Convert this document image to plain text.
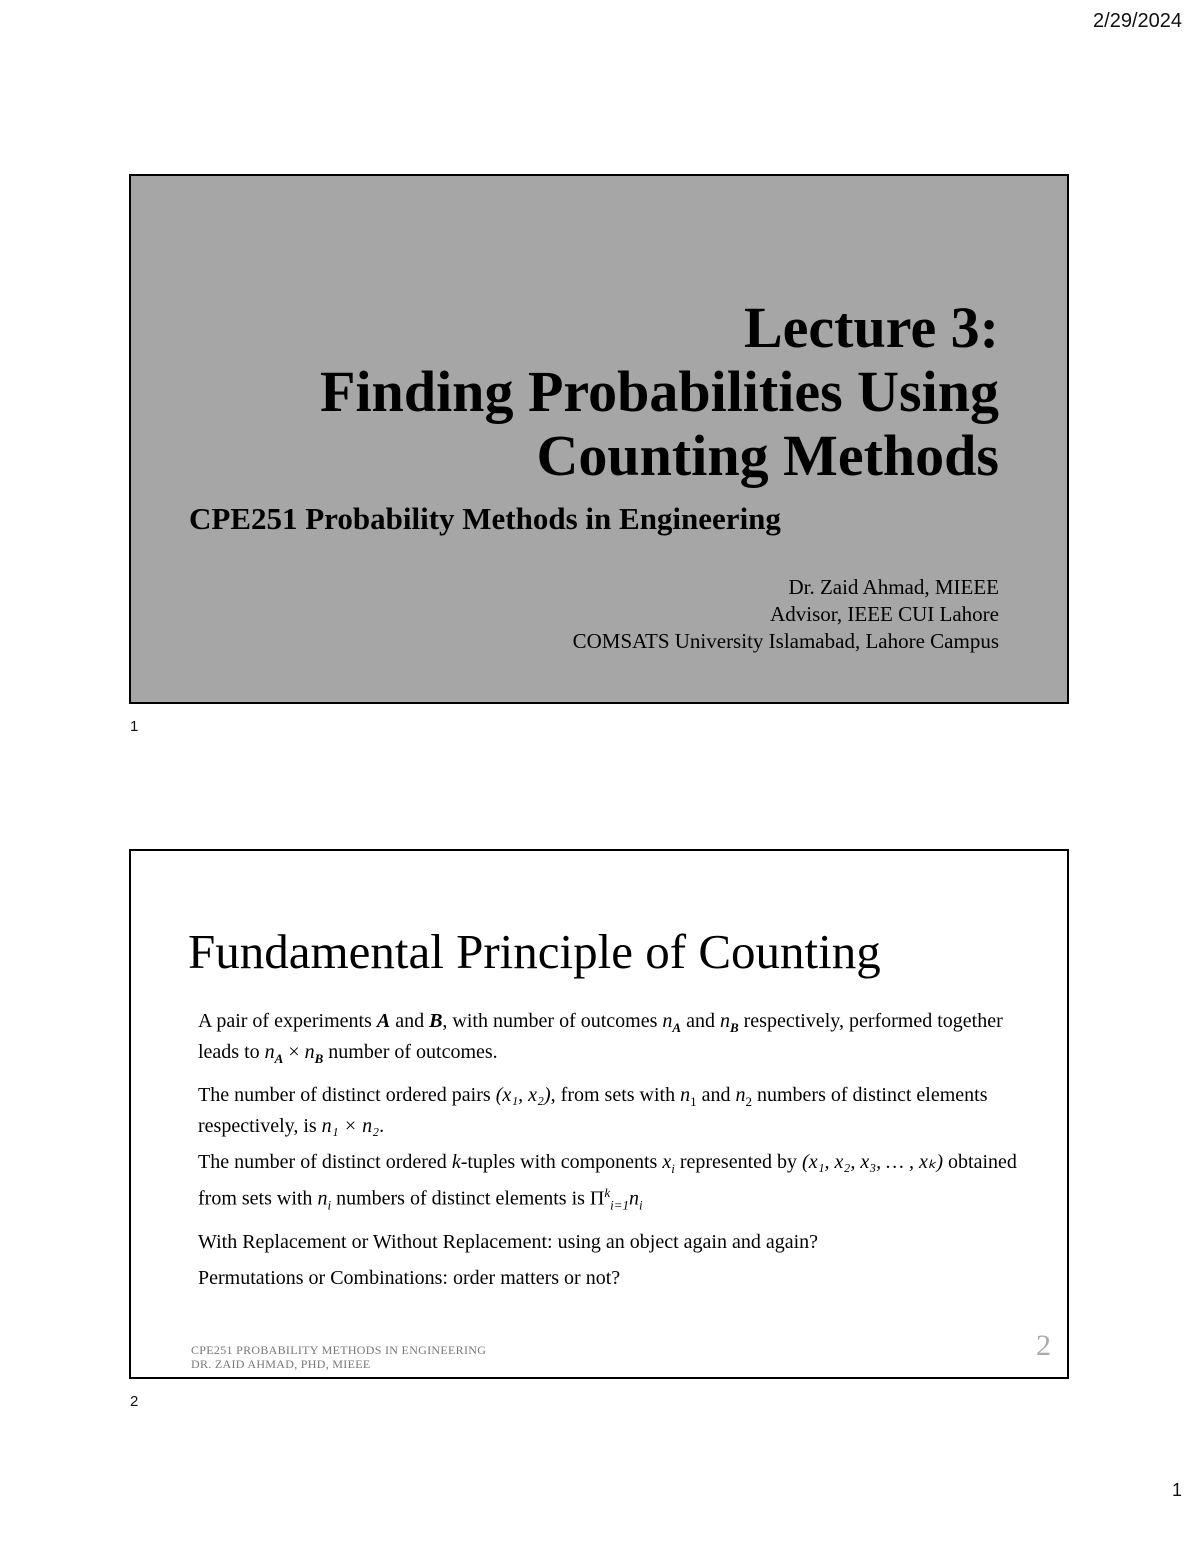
2/29/2024
Lecture 3:
Finding Probabilities Using
Counting Methods
CPE251 Probability Methods in Engineering
Dr. Zaid Ahmad, MIEEE
Advisor, IEEE CUI Lahore
COMSATS University Islamabad, Lahore Campus
1
Fundamental Principle of Counting

A pair of experiments A and B, with number of outcomes $n_A$ and $n_B$ respectively, performed together leads to $n_A \times n_B$ number of outcomes.

The number of distinct ordered pairs (x₁, x₂), from sets with $n_1$ and $n_2$ numbers of distinct elements respectively, is n₁ × n₂.

The number of distinct ordered k-tuples with components $x_i$ represented by (x₁, x₂, x₃, … , xₖ) obtained from sets with $n_i$ numbers of distinct elements is $\Pi^k_{i=1}n_i$

With Replacement or Without Replacement: using an object again and again?

Permutations or Combinations: order matters or not?

CPE251 PROBABILITY METHODS IN ENGINEERING
DR. ZAID AHMAD, PHD, MIEEE
2
2
1
